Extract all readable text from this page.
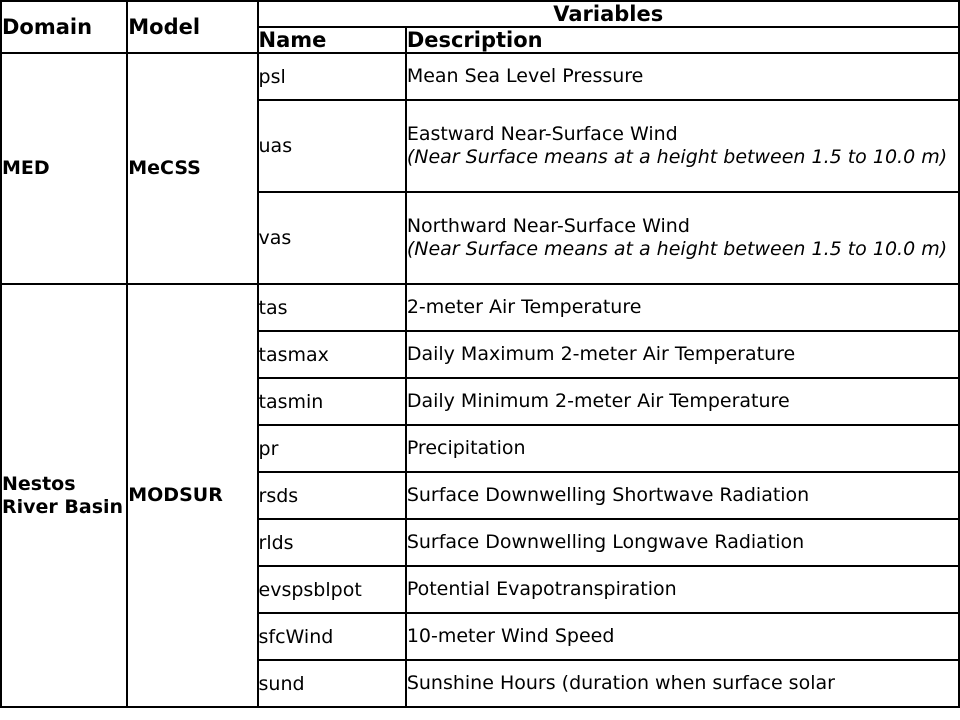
Domain	Model	Variables	
		Name	Description
MED	MeCSS	psl	Mean Sea Level Pressure
		uas	Eastward Near-Surface Wind
(Near Surface means at a height between 1.5 to 10.0 m)

		vas	Northward Near-Surface Wind
(Near Surface means at a height between 1.5 to 10.0 m)

Nestos River Basin	MODSUR	tas	2-meter Air Temperature
		tasmax	Daily Maximum 2-meter Air Temperature
		tasmin	Daily Minimum 2-meter Air Temperature
		pr	Precipitation
		rsds	Surface Downwelling Shortwave Radiation
		rlds	Surface Downwelling Longwave Radiation
		evspsblpot	Potential Evapotranspiration
		sfcWind	10-meter Wind Speed
		sund	Sunshine Hours (duration when surface solar
